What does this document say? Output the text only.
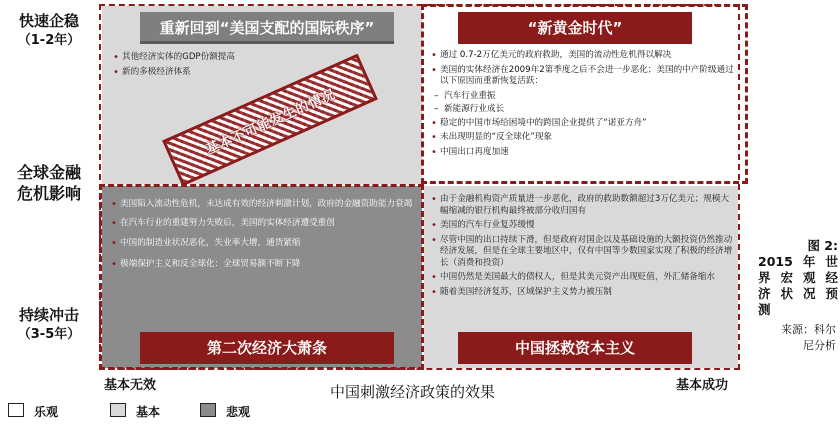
快速企稳
（1-2年）
全球金融
危机影响
持续冲击
（3-5年）
重新回到“美国支配的国际秩序”	“新黄金时代”
第二次经济大萧条	中国拯救资本主义
• 其他经济实体的GDP份额提高
• 新的多极经济体系
基本不可能发生的情况
• 通过 0.7-2万亿美元的政府救助，美国的流动性危机得以解决
• 美国的实体经济在2009年2第季度之后不会进一步恶化；美国的中产阶级通过以下原因而重新恢复活跃：
– 汽车行业重振
– 新能源行业成长
• 稳定的中国市场给困境中的跨国企业提供了“诺亚方舟”
• 未出现明显的“反全球化”现象
• 中国出口再度加速
• 美国陷入流动性危机，未达成有效的经济刺激计划，政府的金融资助能力衰竭
• 在汽车行业的重建努力失败后，美国的实体经济遭受重创
• 中国的制造业状况恶化，失业率大增，通货紧缩
• 极端保护主义和反全球化：全球贸易额不断下降
• 由于金融机构资产质量进一步恶化，政府的救助数额超过3万亿美元；规模大幅缩减的银行机构最终被部分收归国有
• 美国的汽车行业复苏缓慢
• 尽管中国的出口持续下滑，但是政府对国企以及基础设施的大额投资仍然推动经济发展，但是在全球主要地区中，仅有中国等少数国家实现了积极的经济增长（消费和投资）
• 中国仍然是美国最大的债权人，但是其美元资产出现贬值，外汇储备缩水
• 随着美国经济复苏，区域保护主义势力被压制
基本无效	中国刺激经济政策的效果	基本成功
乐观	基本	悲观
图 2:
2015年世
界宏观经
济状况预
测
来源：科尔
尼分析
